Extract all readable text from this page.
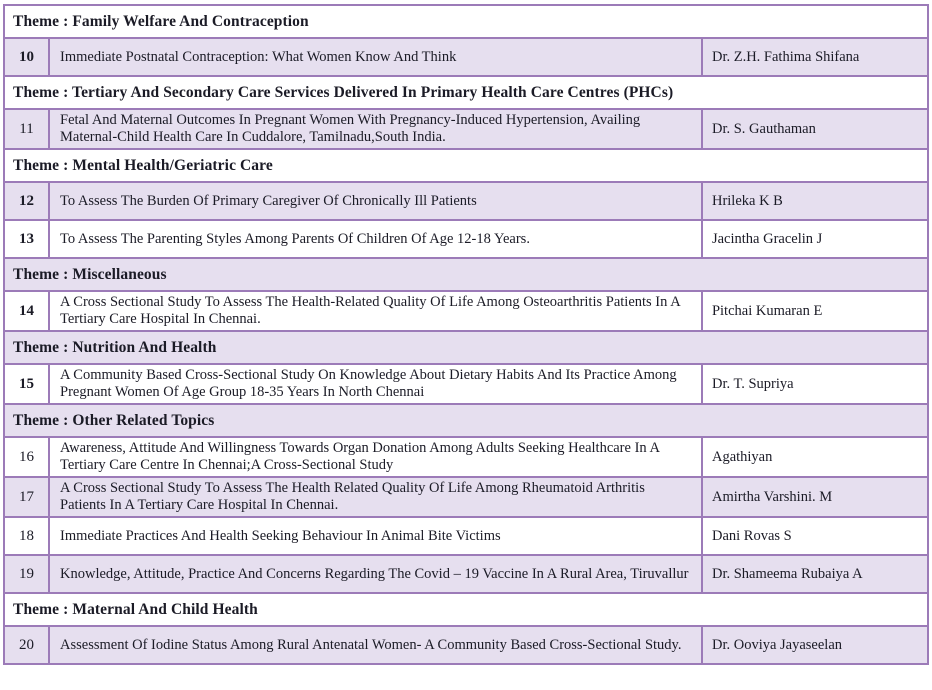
Theme : Family Welfare And Contraception		
10	Immediate Postnatal Contraception: What Women Know And Think	Dr. Z.H. Fathima Shifana
Theme : Tertiary And Secondary Care Services Delivered In Primary Health Care Centres (PHCs)		
11	Fetal And Maternal Outcomes In Pregnant Women With Pregnancy-Induced Hypertension, Availing Maternal-Child Health Care In Cuddalore, Tamilnadu,South India.	Dr. S. Gauthaman
Theme : Mental Health/Geriatric Care		
12	To Assess The Burden Of Primary Caregiver Of Chronically Ill Patients	Hrileka K B
13	To Assess The Parenting Styles Among Parents Of Children Of Age 12-18 Years.	Jacintha Gracelin J
Theme : Miscellaneous		
14	A Cross Sectional Study To Assess The Health-Related Quality Of Life Among Osteoarthritis Patients In A Tertiary Care Hospital In Chennai.	Pitchai Kumaran E
Theme : Nutrition And Health		
15	A Community Based Cross-Sectional Study On Knowledge About Dietary Habits And Its Practice Among Pregnant Women Of Age Group 18-35 Years In North Chennai	Dr. T. Supriya
Theme : Other Related Topics		
16	Awareness, Attitude And Willingness Towards Organ Donation Among Adults Seeking Healthcare In A Tertiary Care Centre In Chennai;A Cross-Sectional Study	Agathiyan
17	A Cross Sectional Study To Assess The Health Related Quality Of Life Among Rheumatoid Arthritis Patients In A Tertiary Care Hospital In Chennai.	Amirtha Varshini. M
18	Immediate Practices And Health Seeking Behaviour In Animal Bite Victims	Dani Rovas S
19	Knowledge, Attitude, Practice And Concerns Regarding The Covid – 19 Vaccine In A Rural Area, Tiruvallur	Dr. Shameema Rubaiya A
Theme : Maternal And Child Health		
20	Assessment Of Iodine Status Among Rural Antenatal Women- A Community Based Cross-Sectional Study.	Dr. Ooviya Jayaseelan
